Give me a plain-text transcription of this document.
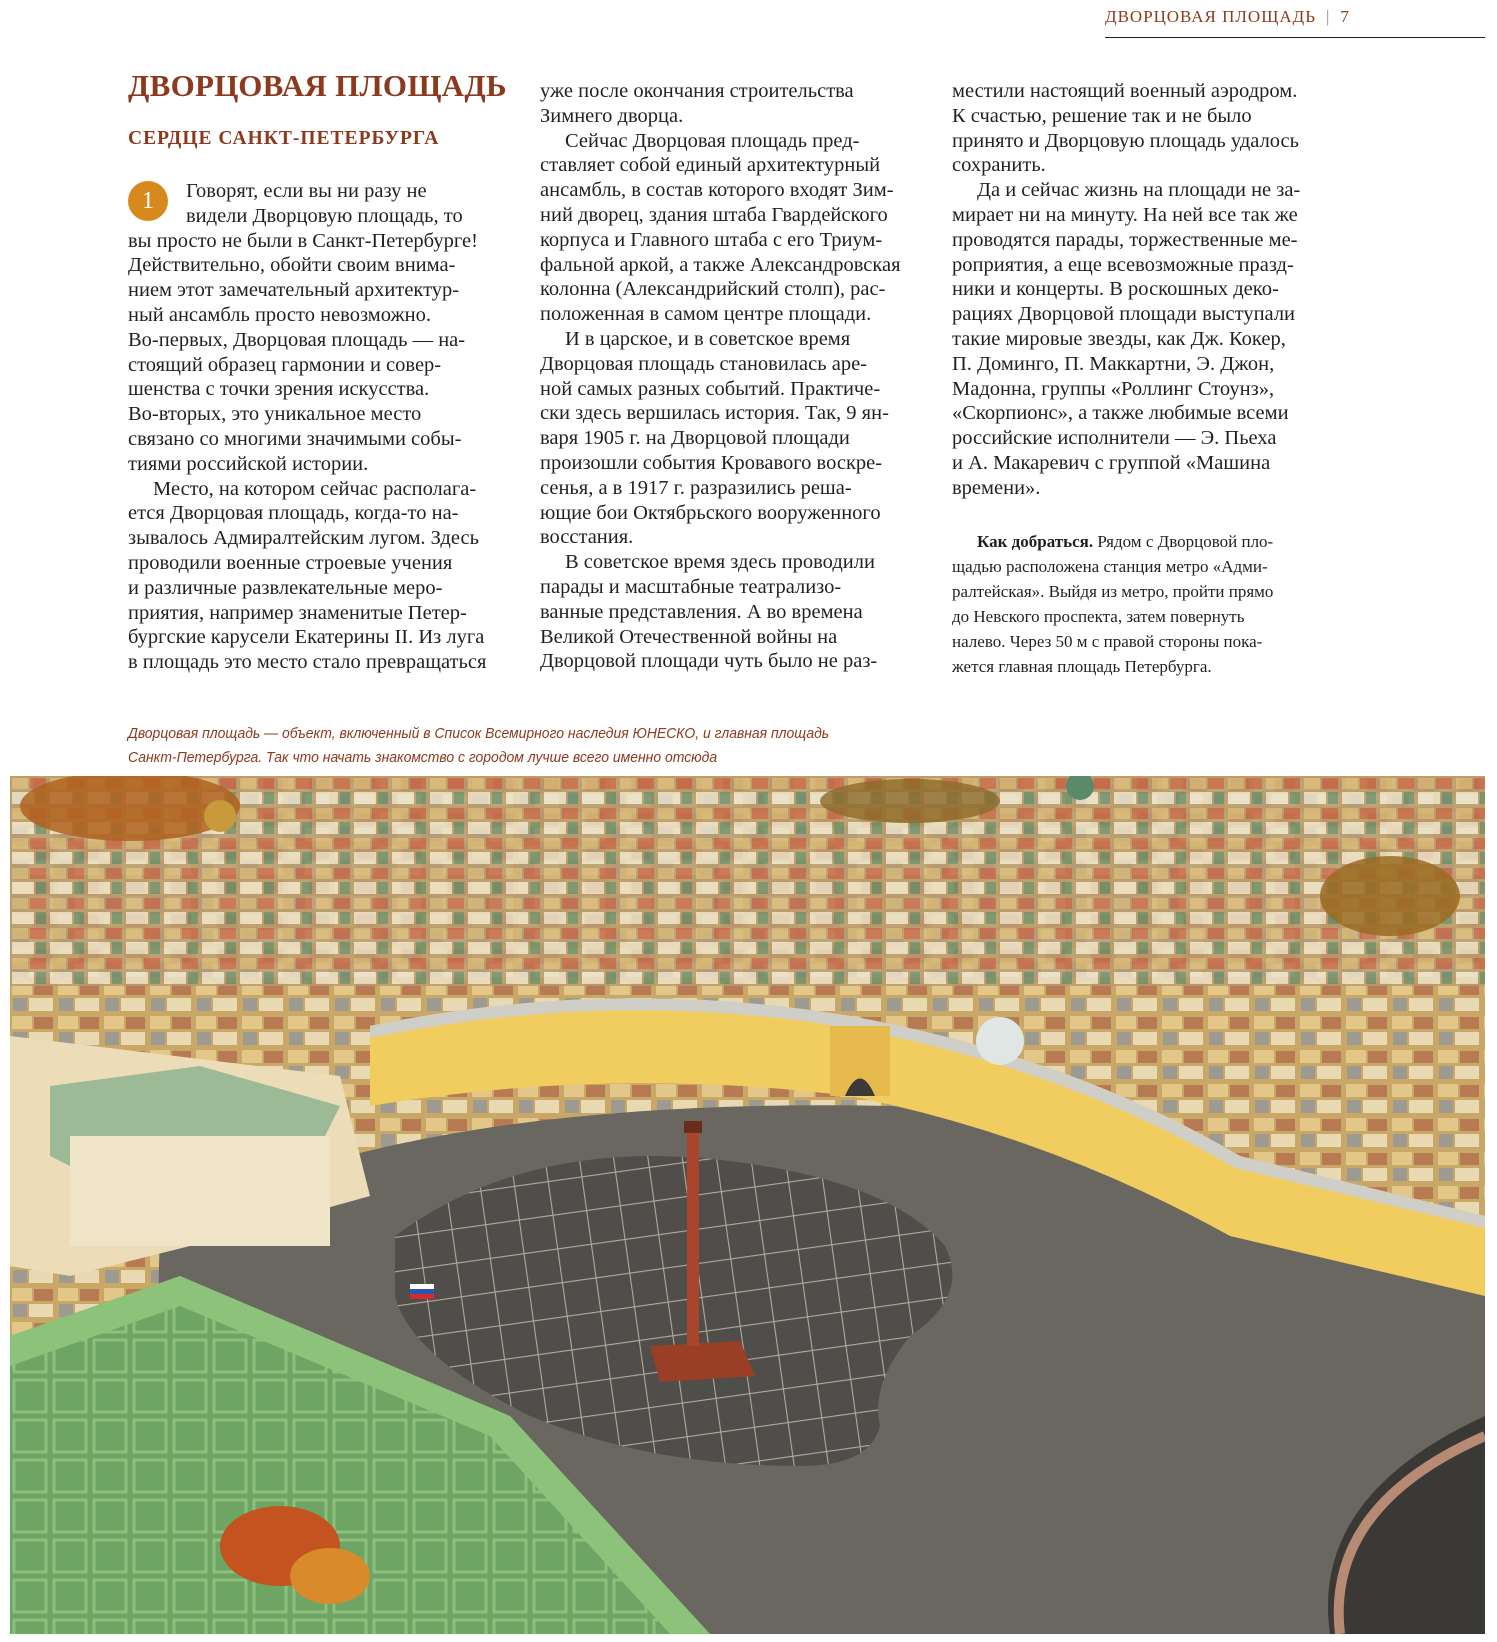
ДВОРЦОВАЯ ПЛОЩАДЬ | 7
ДВОРЦОВАЯ ПЛОЩАДЬ
СЕРДЦЕ САНКТ-ПЕТЕРБУРГА
1	Говорят, если вы ни разу не
видели Дворцовую площадь, то
вы просто не были в Санкт-Петербурге!
Действительно, обойти своим внима-
нием этот замечательный архитектур-
ный ансамбль просто невозможно.
Во-первых, Дворцовая площадь — на-
стоящий образец гармонии и совер-
шенства с точки зрения искусства.
Во-вторых, это уникальное место
связано со многими значимыми собы-
тиями российской истории.
Место, на котором сейчас располага-
ется Дворцовая площадь, когда-то на-
зывалось Адмиралтейским лугом. Здесь
проводили военные строевые учения
и различные развлекательные меро-
приятия, например знаменитые Петер-
бургские карусели Екатерины II. Из луга
в площадь это место стало превращаться
уже после окончания строительства
Зимнего дворца.
Сейчас Дворцовая площадь пред-
ставляет собой единый архитектурный
ансамбль, в состав которого входят Зим-
ний дворец, здания штаба Гвардейского
корпуса и Главного штаба с его Триум-
фальной аркой, а также Александровская
колонна (Александрийский столп), рас-
положенная в самом центре площади.
И в царское, и в советское время
Дворцовая площадь становилась аре-
ной самых разных событий. Практиче-
ски здесь вершилась история. Так, 9 ян-
варя 1905 г. на Дворцовой площади
произошли события Кровавого воскре-
сенья, а в 1917 г. разразились реша-
ющие бои Октябрьского вооруженного
восстания.
В советское время здесь проводили
парады и масштабные театрализо-
ванные представления. А во времена
Великой Отечественной войны на
Дворцовой площади чуть было не раз-
местили настоящий военный аэродром.
К счастью, решение так и не было
принято и Дворцовую площадь удалось
сохранить.
Да и сейчас жизнь на площади не за-
мирает ни на минуту. На ней все так же
проводятся парады, торжественные ме-
роприятия, а еще всевозможные празд-
ники и концерты. В роскошных деко-
рациях Дворцовой площади выступали
такие мировые звезды, как Дж. Кокер,
П. Доминго, П. Маккартни, Э. Джон,
Мадонна, группы «Роллинг Стоунз»,
«Скорпионс», а также любимые всеми
российские исполнители — Э. Пьеха
и А. Макаревич с группой «Машина
времени».
Как добраться. Рядом с Дворцовой пло-
щадью расположена станция метро «Адми-
ралтейская». Выйдя из метро, пройти прямо
до Невского проспекта, затем повернуть
налево. Через 50 м с правой стороны пока-
жется главная площадь Петербурга.
Дворцовая площадь — объект, включенный в Список Всемирного наследия ЮНЕСКО, и главная площадь
Санкт-Петербурга. Так что начать знакомство с городом лучше всего именно отсюда
